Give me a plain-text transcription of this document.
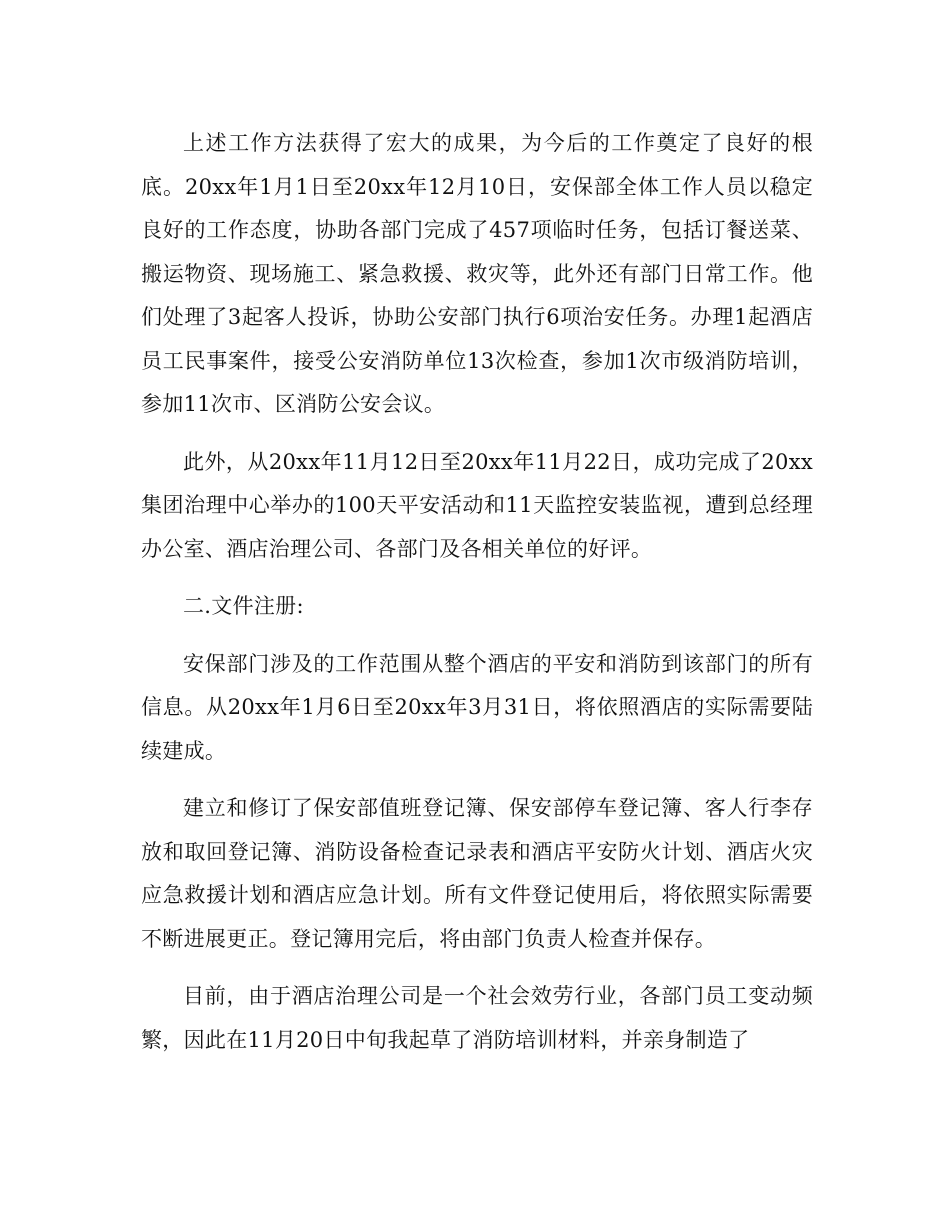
上述工作方法获得了宏大的成果，为今后的工作奠定了良好的根底。20xx年1月1日至20xx年12月10日，安保部全体工作人员以稳定良好的工作态度，协助各部门完成了457项临时任务，包括订餐送菜、搬运物资、现场施工、紧急救援、救灾等，此外还有部门日常工作。他们处理了3起客人投诉，协助公安部门执行6项治安任务。办理1起酒店员工民事案件，接受公安消防单位13次检查，参加1次市级消防培训，参加11次市、区消防公安会议。

此外，从20xx年11月12日至20xx年11月22日，成功完成了20xx集团治理中心举办的100天平安活动和11天监控安装监视，遭到总经理办公室、酒店治理公司、各部门及各相关单位的好评。

二.文件注册:

安保部门涉及的工作范围从整个酒店的平安和消防到该部门的所有信息。从20xx年1月6日至20xx年3月31日，将依照酒店的实际需要陆续建成。

建立和修订了保安部值班登记簿、保安部停车登记簿、客人行李存放和取回登记簿、消防设备检查记录表和酒店平安防火计划、酒店火灾应急救援计划和酒店应急计划。所有文件登记使用后，将依照实际需要不断进展更正。登记簿用完后，将由部门负责人检查并保存。

目前，由于酒店治理公司是一个社会效劳行业，各部门员工变动频繁，因此在11月20日中旬我起草了消防培训材料，并亲身制造了
